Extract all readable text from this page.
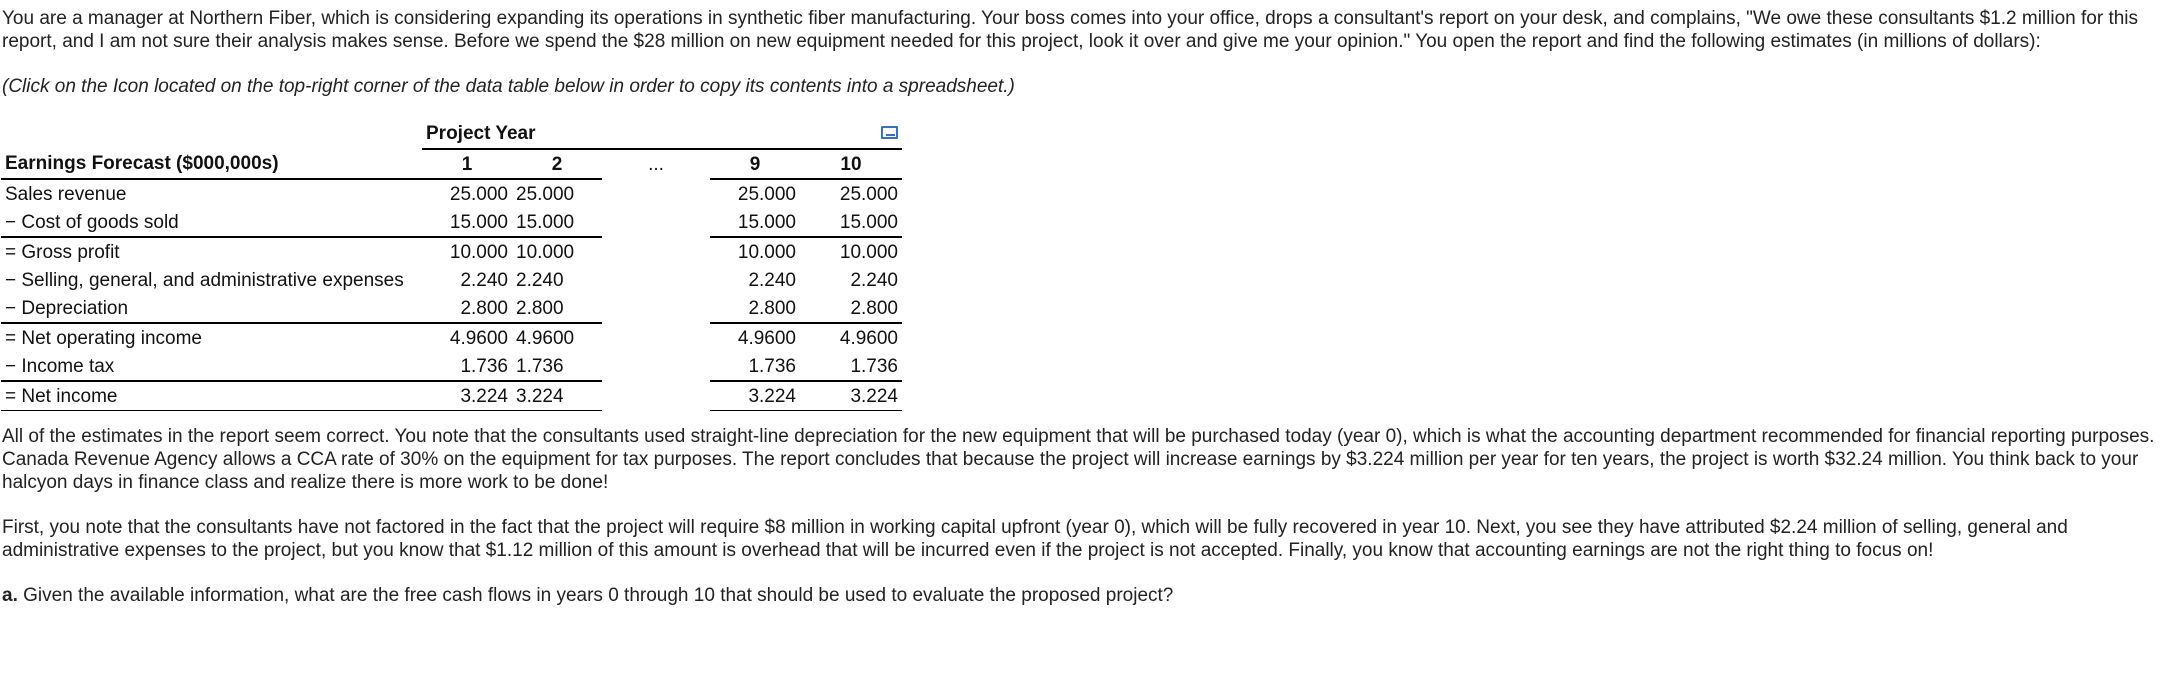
You are a manager at Northern Fiber, which is considering expanding its operations in synthetic fiber manufacturing. Your boss comes into your office, drops a consultant's report on your desk, and complains, "We owe these consultants $1.2 million for this report, and I am not sure their analysis makes sense. Before we spend the $28 million on new equipment needed for this project, look it over and give me your opinion." You open the report and find the following estimates (in millions of dollars):

(Click on the Icon located on the top-right corner of the data table below in order to copy its contents into a spreadsheet.)

	Project Year				

Earnings Forecast ($000,000s)	1	2	...	9	10
Sales revenue	25.000	25.000		25.000	25.000
− Cost of goods sold	15.000	15.000		15.000	15.000
= Gross profit	10.000	10.000		10.000	10.000
− Selling, general, and administrative expenses	2.240	2.240		2.240	2.240
− Depreciation	2.800	2.800		2.800	2.800
= Net operating income	4.9600	4.9600		4.9600	4.9600
− Income tax	1.736	1.736		1.736	1.736
= Net income	3.224	3.224		3.224	3.224

All of the estimates in the report seem correct. You note that the consultants used straight-line depreciation for the new equipment that will be purchased today (year 0), which is what the accounting department recommended for financial reporting purposes. Canada Revenue Agency allows a CCA rate of 30% on the equipment for tax purposes. The report concludes that because the project will increase earnings by $3.224 million per year for ten years, the project is worth $32.24 million. You think back to your halcyon days in finance class and realize there is more work to be done!

First, you note that the consultants have not factored in the fact that the project will require $8 million in working capital upfront (year 0), which will be fully recovered in year 10. Next, you see they have attributed $2.24 million of selling, general and administrative expenses to the project, but you know that $1.12 million of this amount is overhead that will be incurred even if the project is not accepted. Finally, you know that accounting earnings are not the right thing to focus on!

a. Given the available information, what are the free cash flows in years 0 through 10 that should be used to evaluate the proposed project?
